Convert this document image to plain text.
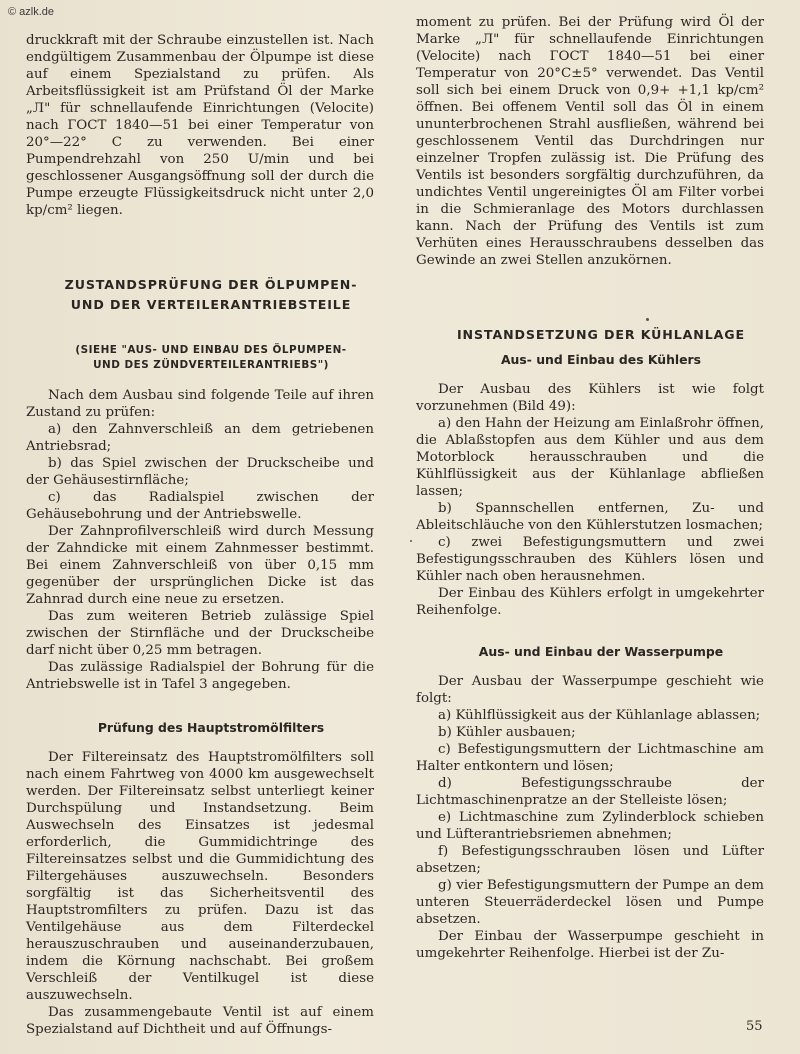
© azlk.de

druckkraft mit der Schraube einzustellen ist. Nach endgültigem Zusammenbau der Ölpumpe ist diese auf einem Spezialstand zu prüfen. Als Arbeitsflüssigkeit ist am Prüfstand Öl der Marke „Л" für schnellaufende Einrichtungen (Velocite) nach ГОСТ 1840—51 bei einer Temperatur von 20°—22° C zu verwenden. Bei einer Pumpendrehzahl von 250 U/min und bei geschlossener Ausgangsöffnung soll der durch die Pumpe erzeugte Flüssigkeitsdruck nicht unter 2,0 kp/cm² liegen.

ZUSTANDSPRÜFUNG DER ÖLPUMPEN-

UND DER VERTEILERANTRIEBSTEILE

(SIEHE "AUS- UND EINBAU DES ÖLPUMPEN-

UND DES ZÜNDVERTEILERANTRIEBS")

Nach dem Ausbau sind folgende Teile auf ihren Zustand zu prüfen:

a) den Zahnverschleiß an dem getriebenen Antriebsrad;

b) das Spiel zwischen der Druckscheibe und der Gehäusestirnfläche;

c) das Radialspiel zwischen der Gehäusebohrung und der Antriebswelle.

Der Zahnprofilverschleiß wird durch Messung der Zahndicke mit einem Zahnmesser bestimmt. Bei einem Zahnverschleiß von über 0,15 mm gegenüber der ursprünglichen Dicke ist das Zahnrad durch eine neue zu ersetzen.

Das zum weiteren Betrieb zulässige Spiel zwischen der Stirnfläche und der Druckscheibe darf nicht über 0,25 mm betragen.

Das zulässige Radialspiel der Bohrung für die Antriebswelle ist in Tafel 3 angegeben.

Prüfung des Hauptstromölfilters

Der Filtereinsatz des Hauptstromölfilters soll nach einem Fahrtweg von 4000 km ausgewechselt werden. Der Filtereinsatz selbst unterliegt keiner Durchspülung und Instandsetzung. Beim Auswechseln des Einsatzes ist jedesmal erforderlich, die Gummidichtringe des Filtereinsatzes selbst und die Gummidichtung des Filtergehäuses auszuwechseln. Besonders sorgfältig ist das Sicherheitsventil des Hauptstromfilters zu prüfen. Dazu ist das Ventilgehäuse aus dem Filterdeckel herauszuschrauben und auseinanderzubauen, indem die Körnung nachschabt. Bei großem Verschleiß der Ventilkugel ist diese auszuwechseln.

Das zusammengebaute Ventil ist auf einem Spezialstand auf Dichtheit und auf Öffnungs-

moment zu prüfen. Bei der Prüfung wird Öl der Marke „Л" für schnellaufende Einrichtungen (Velocite) nach ГОСТ 1840—51 bei einer Temperatur von 20°C±5° verwendet. Das Ventil soll sich bei einem Druck von 0,9+ +1,1 kp/cm² öffnen. Bei offenem Ventil soll das Öl in einem ununterbrochenen Strahl ausfließen, während bei geschlossenem Ventil das Durchdringen nur einzelner Tropfen zulässig ist. Die Prüfung des Ventils ist besonders sorgfältig durchzuführen, da undichtes Ventil ungereinigtes Öl am Filter vorbei in die Schmieranlage des Motors durchlassen kann. Nach der Prüfung des Ventils ist zum Verhüten eines Herausschraubens desselben das Gewinde an zwei Stellen anzukörnen.

INSTANDSETZUNG DER KÜHLANLAGE

Aus- und Einbau des Kühlers

Der Ausbau des Kühlers ist wie folgt vorzunehmen (Bild 49):

a) den Hahn der Heizung am Einlaßrohr öffnen, die Ablaßstopfen aus dem Kühler und aus dem Motorblock herausschrauben und die Kühlflüssigkeit aus der Kühlanlage abfließen lassen;

b) Spannschellen entfernen, Zu- und Ableitschläuche von den Kühlerstutzen losmachen;

c) zwei Befestigungsmuttern und zwei Befestigungsschrauben des Kühlers lösen und Kühler nach oben herausnehmen.

Der Einbau des Kühlers erfolgt in umgekehrter Reihenfolge.

Aus- und Einbau der Wasserpumpe

Der Ausbau der Wasserpumpe geschieht wie folgt:

a) Kühlflüssigkeit aus der Kühlanlage ablassen;

b) Kühler ausbauen;

c) Befestigungsmuttern der Lichtmaschine am Halter entkontern und lösen;

d) Befestigungsschraube der Lichtmaschinenpratze an der Stelleiste lösen;

e) Lichtmaschine zum Zylinderblock schieben und Lüfterantriebsriemen abnehmen;

f) Befestigungsschrauben lösen und Lüfter absetzen;

g) vier Befestigungsmuttern der Pumpe an dem unteren Steuerräderdeckel lösen und Pumpe absetzen.

Der Einbau der Wasserpumpe geschieht in umgekehrter Reihenfolge. Hierbei ist der Zu-

55
